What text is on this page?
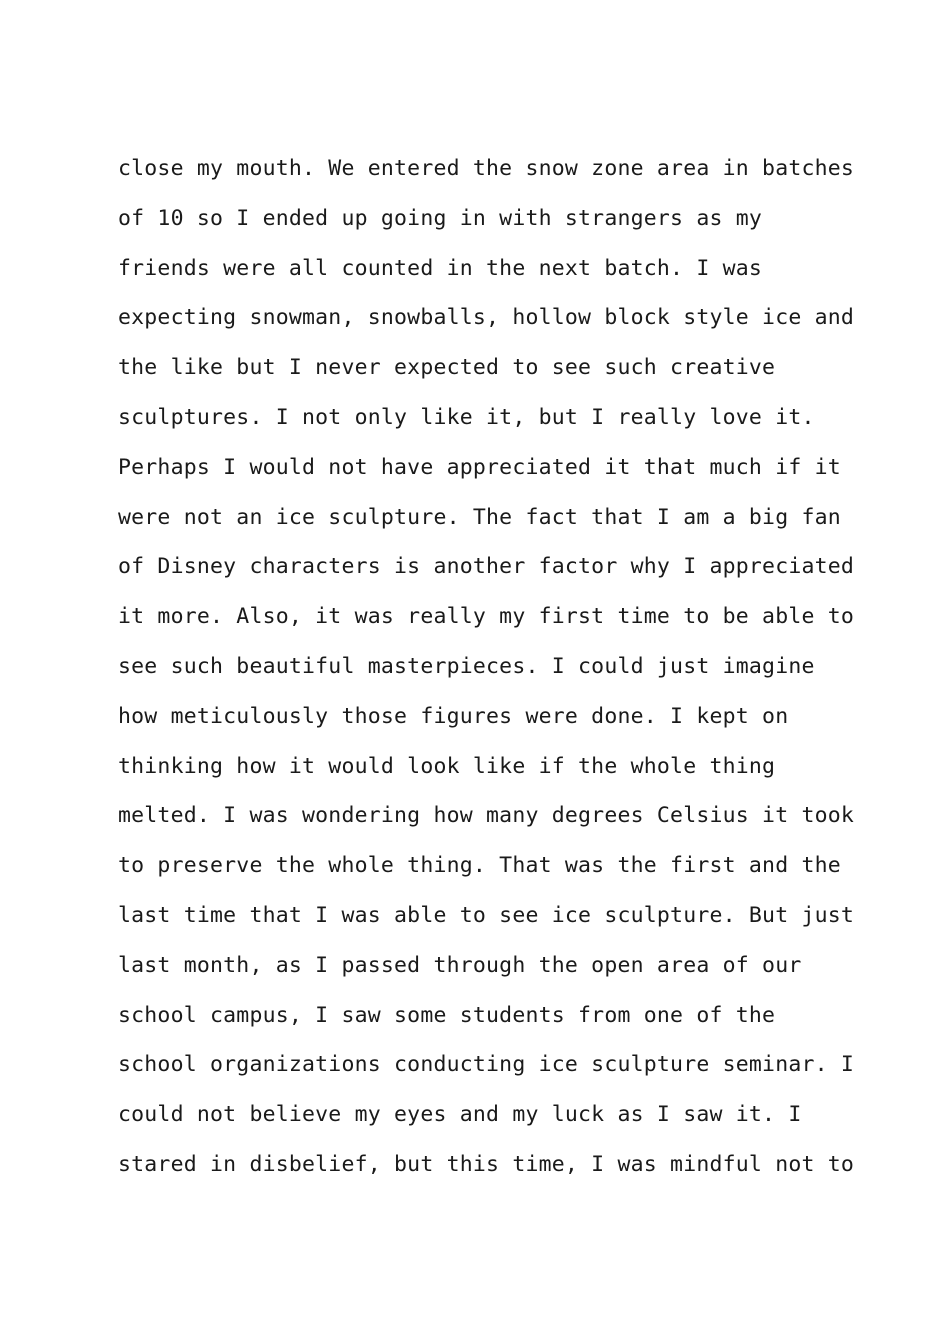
close my mouth. We entered the snow zone area in batches
of 10 so I ended up going in with strangers as my
friends were all counted in the next batch. I was
expecting snowman, snowballs, hollow block style ice and
the like but I never expected to see such creative
sculptures. I not only like it, but I really love it.
Perhaps I would not have appreciated it that much if it
were not an ice sculpture. The fact that I am a big fan
of Disney characters is another factor why I appreciated
it more. Also, it was really my first time to be able to
see such beautiful masterpieces. I could just imagine
how meticulously those figures were done. I kept on
thinking how it would look like if the whole thing
melted. I was wondering how many degrees Celsius it took
to preserve the whole thing. That was the first and the
last time that I was able to see ice sculpture. But just
last month, as I passed through the open area of our
school campus, I saw some students from one of the
school organizations conducting ice sculpture seminar. I
could not believe my eyes and my luck as I saw it. I
stared in disbelief, but this time, I was mindful not to
